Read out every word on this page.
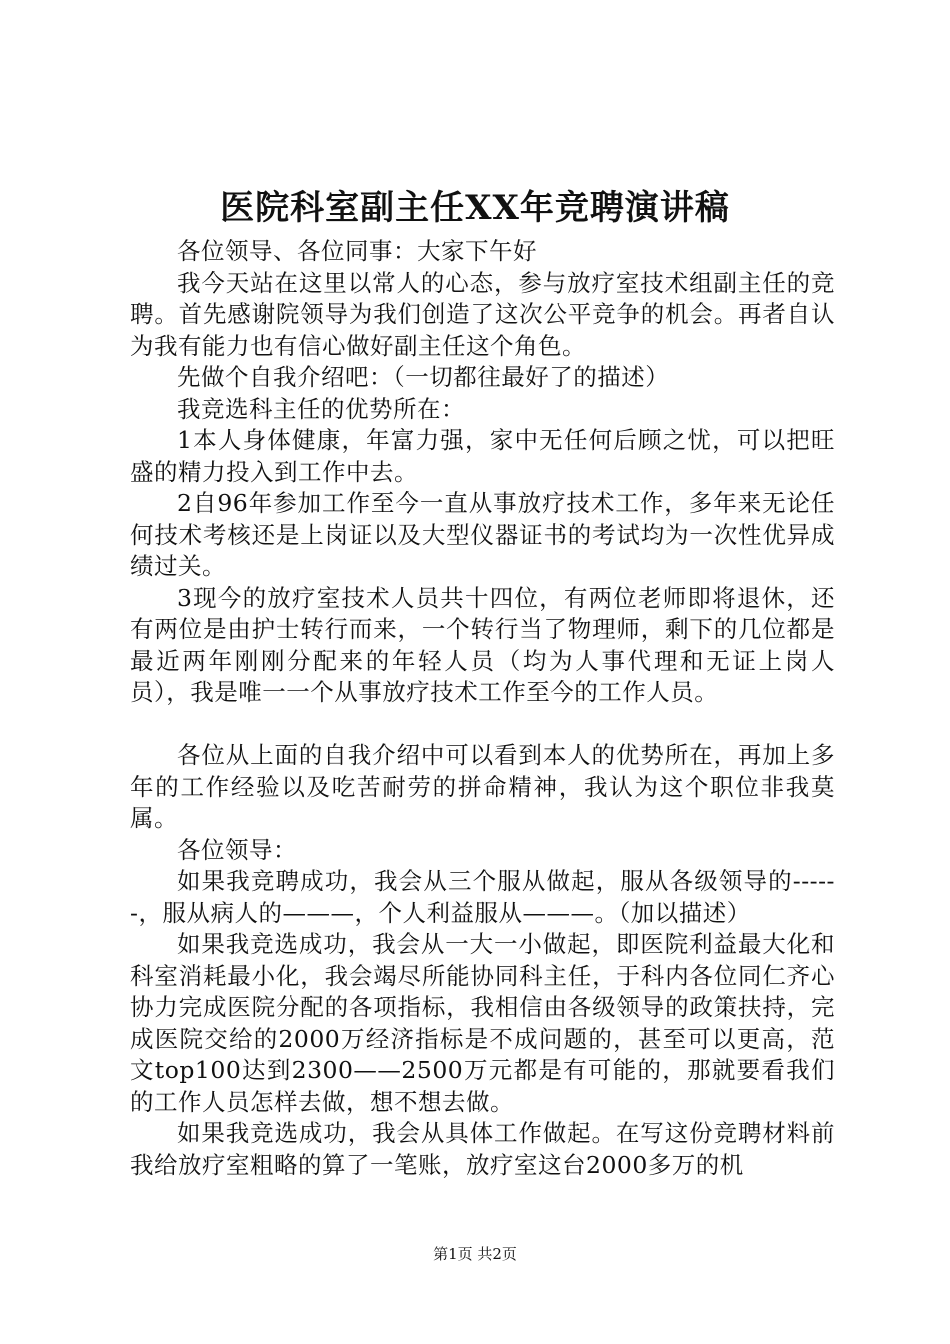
医院科室副主任XX年竞聘演讲稿

各位领导、各位同事：大家下午好

我今天站在这里以常人的心态，参与放疗室技术组副主任的竞聘。首先感谢院领导为我们创造了这次公平竞争的机会。再者自认为我有能力也有信心做好副主任这个角色。

先做个自我介绍吧：（一切都往最好了的描述）

我竞选科主任的优势所在：

1本人身体健康，年富力强，家中无任何后顾之忧，可以把旺盛的精力投入到工作中去。

2自96年参加工作至今一直从事放疗技术工作，多年来无论任何技术考核还是上岗证以及大型仪器证书的考试均为一次性优异成绩过关。

3现今的放疗室技术人员共十四位，有两位老师即将退休，还有两位是由护士转行而来，一个转行当了物理师，剩下的几位都是最近两年刚刚分配来的年轻人员（均为人事代理和无证上岗人员），我是唯一一个从事放疗技术工作至今的工作人员。

各位从上面的自我介绍中可以看到本人的优势所在，再加上多年的工作经验以及吃苦耐劳的拼命精神，我认为这个职位非我莫属。

各位领导：

如果我竞聘成功，我会从三个服从做起，服从各级领导的------，服从病人的———，个人利益服从———。（加以描述）

如果我竞选成功，我会从一大一小做起，即医院利益最大化和科室消耗最小化，我会竭尽所能协同科主任，于科内各位同仁齐心协力完成医院分配的各项指标，我相信由各级领导的政策扶持，完成医院交给的2000万经济指标是不成问题的，甚至可以更高，范文top100达到2300——2500万元都是有可能的，那就要看我们的工作人员怎样去做，想不想去做。

如果我竞选成功，我会从具体工作做起。在写这份竞聘材料前我给放疗室粗略的算了一笔账，放疗室这台2000多万的机

第1页 共2页
